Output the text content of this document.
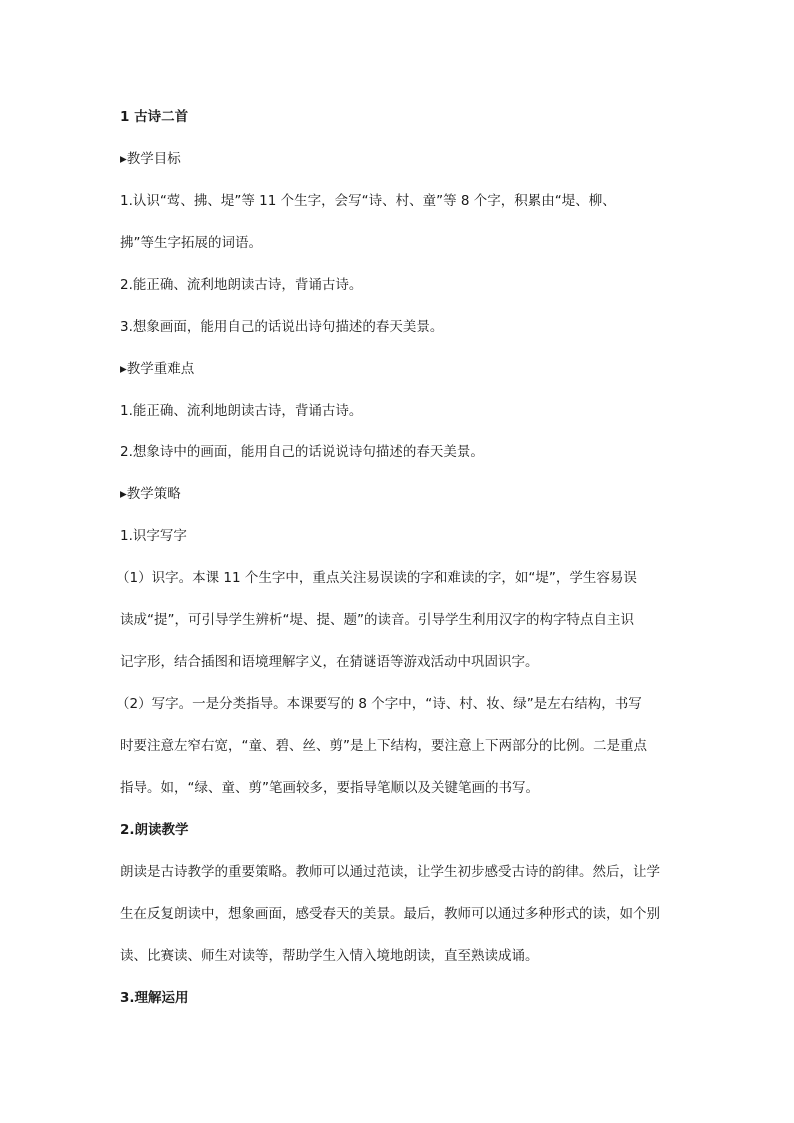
1 古诗二首
▸教学目标
1.认识“莺、拂、堤”等 11 个生字，会写“诗、村、童”等 8 个字，积累由“堤、柳、
拂”等生字拓展的词语。
2.能正确、流利地朗读古诗，背诵古诗。
3.想象画面，能用自己的话说出诗句描述的春天美景。
▸教学重难点
1.能正确、流利地朗读古诗，背诵古诗。
2.想象诗中的画面，能用自己的话说说诗句描述的春天美景。
▸教学策略
1.识字写字
（1）识字。本课 11 个生字中，重点关注易误读的字和难读的字，如“堤”，学生容易误
读成“提”，可引导学生辨析“堤、提、题”的读音。引导学生利用汉字的构字特点自主识
记字形，结合插图和语境理解字义，在猜谜语等游戏活动中巩固识字。
（2）写字。一是分类指导。本课要写的 8 个字中，“诗、村、妆、绿”是左右结构，书写
时要注意左窄右宽，“童、碧、丝、剪”是上下结构，要注意上下两部分的比例。二是重点
指导。如，“绿、童、剪”笔画较多，要指导笔顺以及关键笔画的书写。
2.朗读教学
朗读是古诗教学的重要策略。教师可以通过范读，让学生初步感受古诗的韵律。然后，让学
生在反复朗读中，想象画面，感受春天的美景。最后，教师可以通过多种形式的读，如个别
读、比赛读、师生对读等，帮助学生入情入境地朗读，直至熟读成诵。
3.理解运用
